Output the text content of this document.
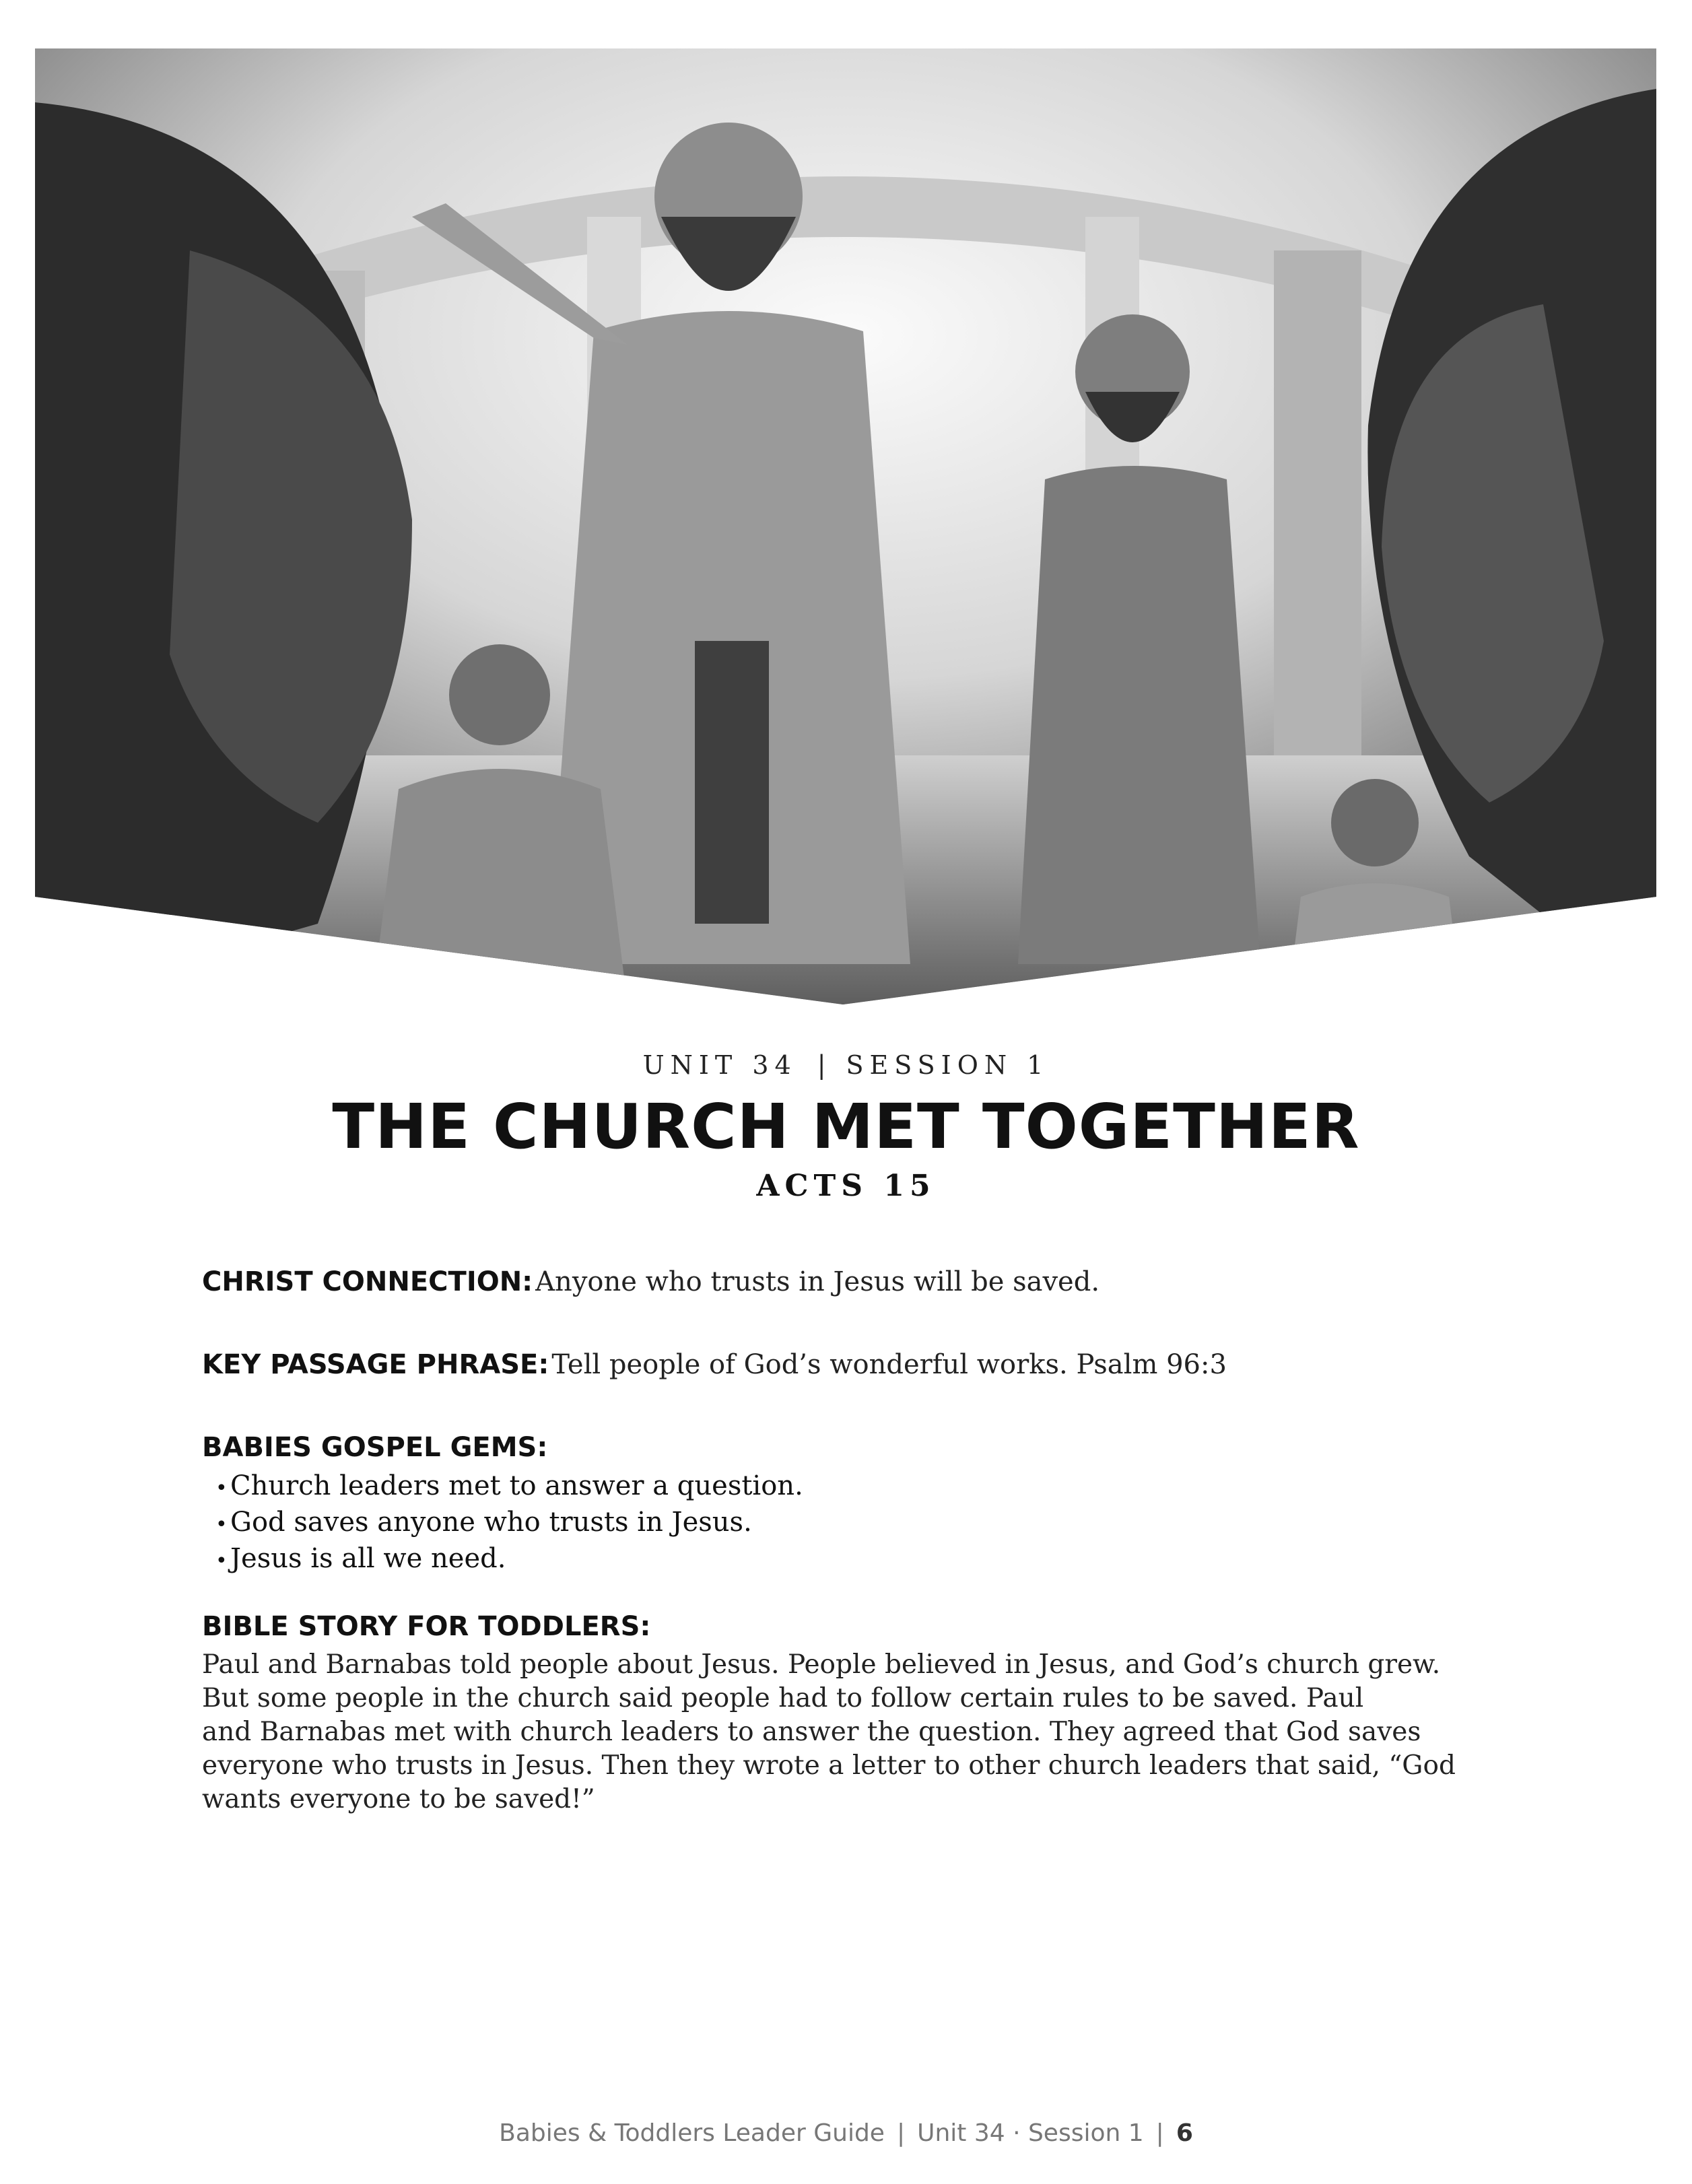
UNIT 34 | SESSION 1
THE CHURCH MET TOGETHER
ACTS 15

CHRIST CONNECTION: Anyone who trusts in Jesus will be saved.

KEY PASSAGE PHRASE: Tell people of God’s wonderful works. Psalm 96:3

BABIES GOSPEL GEMS:
• Church leaders met to answer a question.
• God saves anyone who trusts in Jesus.
• Jesus is all we need.
BIBLE STORY FOR TODDLERS:

Paul and Barnabas told people about Jesus. People believed in Jesus, and God’s church grew.
But some people in the church said people had to follow certain rules to be saved. Paul
and Barnabas met with church leaders to answer the question. They agreed that God saves
everyone who trusts in Jesus. Then they wrote a letter to other church leaders that said, “God
wants everyone to be saved!”

Babies & Toddlers Leader Guide | Unit 34 · Session 1 | 6
